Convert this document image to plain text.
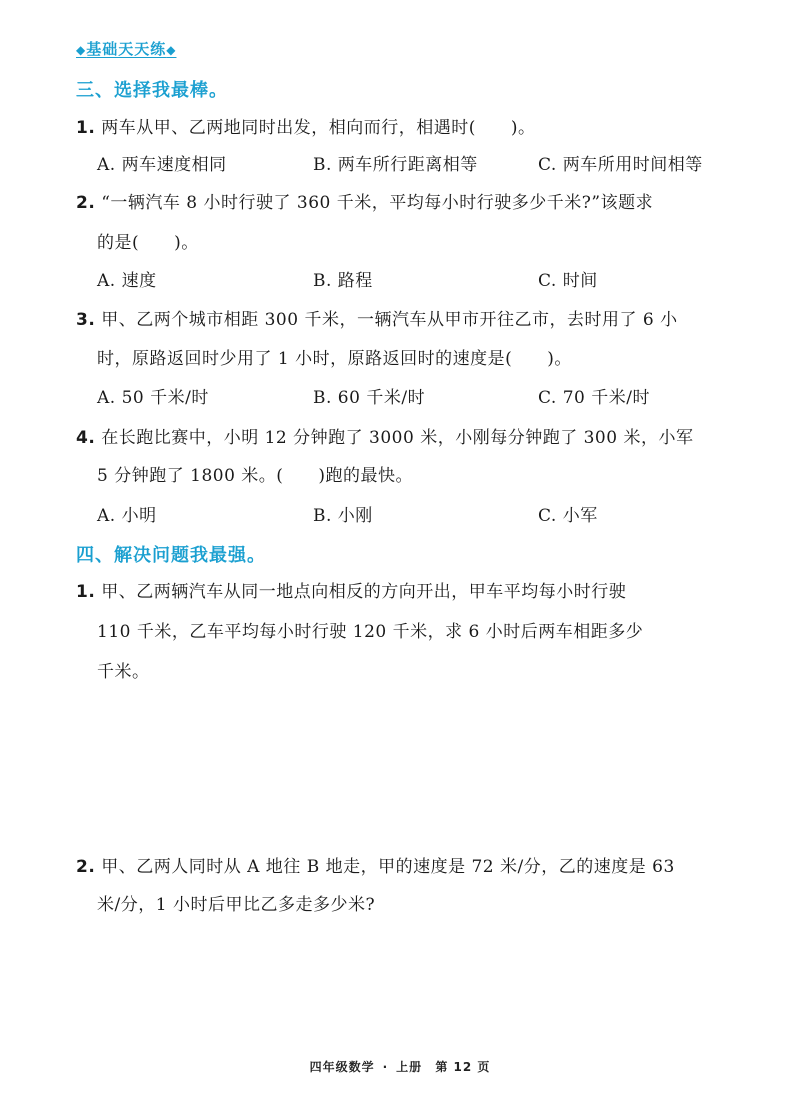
◆基础天天练◆
三、选择我最棒。
1. 两车从甲、乙两地同时出发，相向而行，相遇时(　　)。
A. 两车速度相同	B. 两车所行距离相等	C. 两车所用时间相等
2. “一辆汽车 8 小时行驶了 360 千米，平均每小时行驶多少千米?”该题求
的是(　　)。
A. 速度	B. 路程	C. 时间
3. 甲、乙两个城市相距 300 千米，一辆汽车从甲市开往乙市，去时用了 6 小
时，原路返回时少用了 1 小时，原路返回时的速度是(　　)。
A. 50 千米/时	B. 60 千米/时	C. 70 千米/时
4. 在长跑比赛中，小明 12 分钟跑了 3000 米，小刚每分钟跑了 300 米，小军
5 分钟跑了 1800 米。(　　)跑的最快。
A. 小明	B. 小刚	C. 小军
四、解决问题我最强。
1. 甲、乙两辆汽车从同一地点向相反的方向开出，甲车平均每小时行驶
110 千米，乙车平均每小时行驶 120 千米，求 6 小时后两车相距多少
千米。
2. 甲、乙两人同时从 A 地往 B 地走，甲的速度是 72 米/分，乙的速度是 63
米/分，1 小时后甲比乙多走多少米?
四年级数学 · 上册 第 12 页
